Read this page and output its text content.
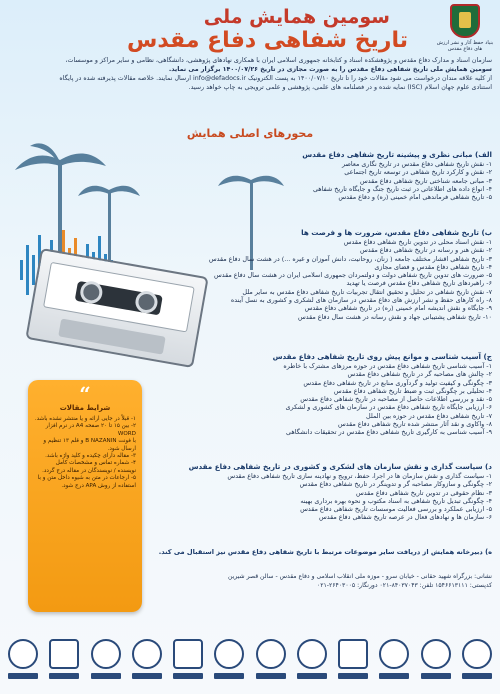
بنیاد حفظ آثار و نشر ارزش های دفاع مقدس
سومین همایش ملی
تاریخ شفاهی دفاع مقدس

سازمان اسناد و مدارک دفاع مقدس و پژوهشکده اسناد و کتابخانه جمهوری اسلامی ایران با همکاری نهادهای پژوهشی، دانشگاهی، نظامی و سایر مراکز و موسسات،

سومین همایش ملی تاریخ شفاهی دفاع مقدس را به صورت مجازی در تاریخ ۱۴۰۰/۰۷/۲۶ برگزار می نماید.

از کلیه علاقه مندان درخواست می شود مقالات خود را تا تاریخ ۱۴۰۰/۰۷/۱۰ به پست الکترونیک info@defadocs.ir ارسال نمایند. خلاصه مقالات پذیرفته شده در پایگاه

استنادی علوم جهان اسلام (ISC) نمایه شده و در فصلنامه های علمی، پژوهشی و علمی ترویجی به چاپ خواهد رسید.

محورهای اصلی همایش
الف) مبانی نظری و پیشینه تاریخ شفاهی دفاع مقدس
۱- نقش تاریخ شفاهی دفاع مقدس در تاریخ نگاری معاصر
۲- نقش و کارکرد تاریخ شفاهی در توسعه تاریخ اجتماعی
۳- مبانی جامعه شناختی تاریخ شفاهی دفاع مقدس
۴- انواع داده های اطلاعاتی در ثبت تاریخ جنگ و جایگاه تاریخ شفاهی
۵- تاریخ شفاهی فرماندهی امام خمینی (ره) و دفاع مقدس
ب) تاریخ شفاهی دفاع مقدس، ضرورت ها و فرصت ها
۱- نقش اسناد محلی در تدوین تاریخ شفاهی دفاع مقدس
۲- نقش هنر و رسانه در تاریخ شفاهی دفاع مقدس
۳- تاریخ شفاهی اقشار مختلف جامعه ( زنان، روحانیت، دانش آموزان و غیره ...) در هشت سال دفاع مقدس
۴- تاریخ شفاهی دفاع مقدس و فضای مجازی
۵- ضرورت های تدوین تاریخ شفاهی دولت و دولتمردان جمهوری اسلامی ایران در هشت سال دفاع مقدس
۶- راهبردهای تاریخ شفاهی دفاع مقدس فرصت یا تهدید
۷- نقش تاریخ شفاهی در تحلیل و تحقیق انتقال تجربیات تاریخ شفاهی دفاع مقدس به سایر ملل
۸- راه کارهای حفظ و نشر ارزش های دفاع مقدس در سازمان های لشکری و کشوری به نسل آینده
۹- جایگاه و نقش اندیشه امام خمینی (ره) در تاریخ شفاهی دفاع مقدس
۱۰- تاریخ شفاهی پشتیبانی جهاد و نقش رسانه در هشت سال دفاع مقدس
ج) آسیب شناسی و موانع پیش روی تاریخ شفاهی دفاع مقدس
۱- آسیب شناسی تاریخ شفاهی دفاع مقدس در حوزه مرزهای مشترک با خاطره
۲- چالش های مصاحبه گر در تاریخ شفاهی دفاع مقدس
۳- چگونگی و کیفیت تولید و گردآوری منابع در تاریخ شفاهی دفاع مقدس
۴- تحلیلی بر چگونگی ثبت و ضبط تاریخ شفاهی دفاع مقدس
۵- نقد و بررسی اطلاعات حاصل از مصاحبه در تاریخ شفاهی دفاع مقدس
۶- ارزیابی جایگاه تاریخ شفاهی دفاع مقدس در سازمان های کشوری و لشکری
۷- تاریخ شفاهی دفاع مقدس در حوزه بین الملل
۸- واکاوی و نقد آثار منتشر شده تاریخ شفاهی دفاع مقدس
۹- آسیب شناسی به کارگیری تاریخ شفاهی دفاع مقدس در تحقیقات دانشگاهی
د) سیاست گذاری و نقش سازمان های لشکری و کشوری در تاریخ شفاهی دفاع مقدس
۱- سیاست گذاری و نقش سازمان ها در اجرا، حفظ، ترویج و نهادینه سازی تاریخ شفاهی دفاع مقدس
۲- چگونگی و سازوکار مصاحبه گر و تدوینگر در تاریخ شفاهی دفاع مقدس
۳- نظام حقوقی در تدوین تاریخ شفاهی دفاع مقدس
۴- چگونگی تبدیل تاریخ شفاهی به اسناد مکتوب و نحوه بهره برداری بهینه
۵- ارزیابی عملکرد و بررسی فعالیت موسسات تاریخ شفاهی دفاع مقدس
۶- سازمان ها و نهادهای فعال در عرصه تاریخ شفاهی دفاع مقدس
ه) دبیرخانه همایش از دریافت سایر موضوعات مرتبط با تاریخ شفاهی دفاع مقدس نیز استقبال می کند.
“
شرایط مقالات
۱- قبلاً در جایی ارائه و یا منتشر نشده باشد.
۲- بین ۱۵ تا ۲۰ صفحه A4 در نرم افزار WORD
با فونت B NAZANIN و قلم ۱۳ تنظیم و ارسال شود.
۳- مقاله دارای چکیده و کلید واژه باشد.
۴- شماره تماس و مشخصات کامل
نویسنده / نویسندگان در مقاله درج گردد.
۵- ارجاعات در متن به شیوه داخل متن و با
استفاده از روش APA درج شود.

نشانی: بزرگراه شهید حقانی - خیابان سرو - موزه ملی انقلاب اسلامی و دفاع مقدس - سالن قصر شیرین

کدپستی: ۱۵۴۶۶۱۳۱۱۱ تلفن: ۸۴۰۳۷۰۴۳-۰۲۱ دورنگار: ۲۶۴۰۳۰۰۵-۰۲۱
